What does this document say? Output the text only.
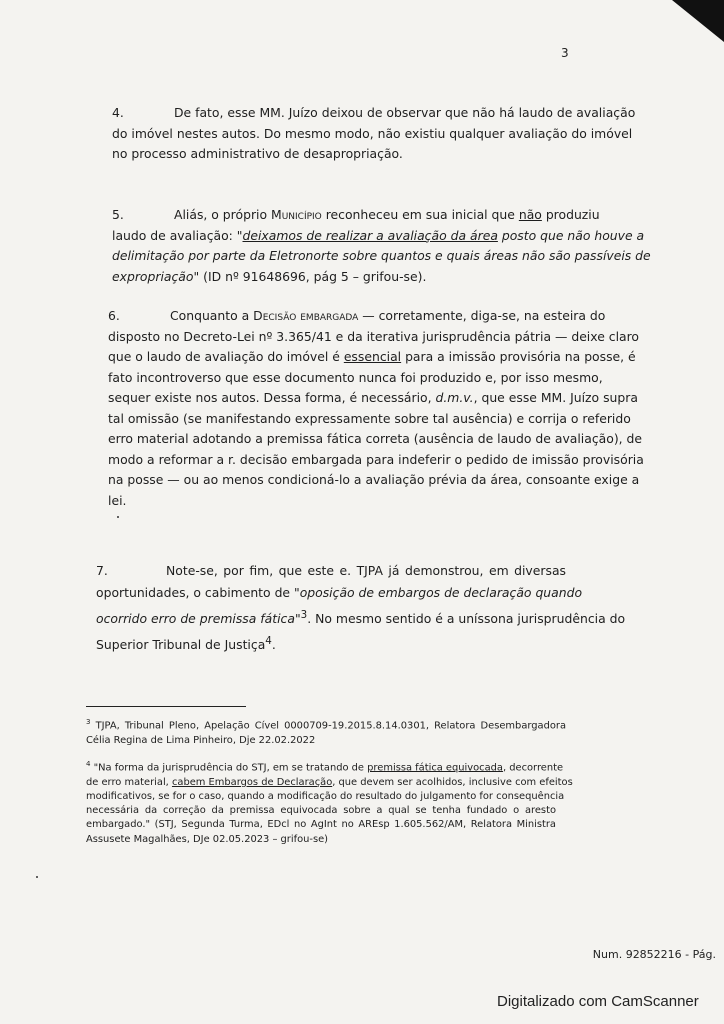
3
4.	De fato, esse MM. Juízo deixou de observar que não há laudo de avaliação
do imóvel nestes autos. Do mesmo modo, não existiu qualquer avaliação do imóvel
no processo administrativo de desapropriação.
5.	Aliás, o próprio Município reconheceu em sua inicial que não produziu
laudo de avaliação: "deixamos de realizar a avaliação da área posto que não houve a
delimitação por parte da Eletronorte sobre quantos e quais áreas não são passíveis de
expropriação" (ID nº 91648696, pág 5 – grifou-se).
6.	Conquanto a Decisão embargada — corretamente, diga-se, na esteira do
disposto no Decreto-Lei nº 3.365/41 e da iterativa jurisprudência pátria — deixe claro
que o laudo de avaliação do imóvel é essencial para a imissão provisória na posse, é
fato incontroverso que esse documento nunca foi produzido e, por isso mesmo,
sequer existe nos autos. Dessa forma, é necessário, d.m.v., que esse MM. Juízo supra
tal omissão (se manifestando expressamente sobre tal ausência) e corrija o referido
erro material adotando a premissa fática correta (ausência de laudo de avaliação), de
modo a reformar a r. decisão embargada para indeferir o pedido de imissão provisória
na posse — ou ao menos condicioná-lo a avaliação prévia da área, consoante exige a
lei.
7.	Note-se, por fim, que este e. TJPA já demonstrou, em diversas
oportunidades, o cabimento de "oposição de embargos de declaração quando
ocorrido erro de premissa fática"$^3$. No mesmo sentido é a uníssona jurisprudência do
Superior Tribunal de Justiça$^4$.
$^3$ TJPA, Tribunal Pleno, Apelação Cível 0000709-19.2015.8.14.0301, Relatora Desembargadora
Célia Regina de Lima Pinheiro, Dje 22.02.2022
$^4$ "Na forma da jurisprudência do STJ, em se tratando de premissa fática equivocada, decorrente
de erro material, cabem Embargos de Declaração, que devem ser acolhidos, inclusive com efeitos
modificativos, se for o caso, quando a modificação do resultado do julgamento for consequência
necessária da correção da premissa equivocada sobre a qual se tenha fundado o aresto
embargado." (STJ, Segunda Turma, EDcl no AgInt no AREsp 1.605.562/AM, Relatora Ministra
Assusete Magalhães, DJe 02.05.2023 – grifou-se)
Num. 92852216 - Pág.
Digitalizado com CamScanner
